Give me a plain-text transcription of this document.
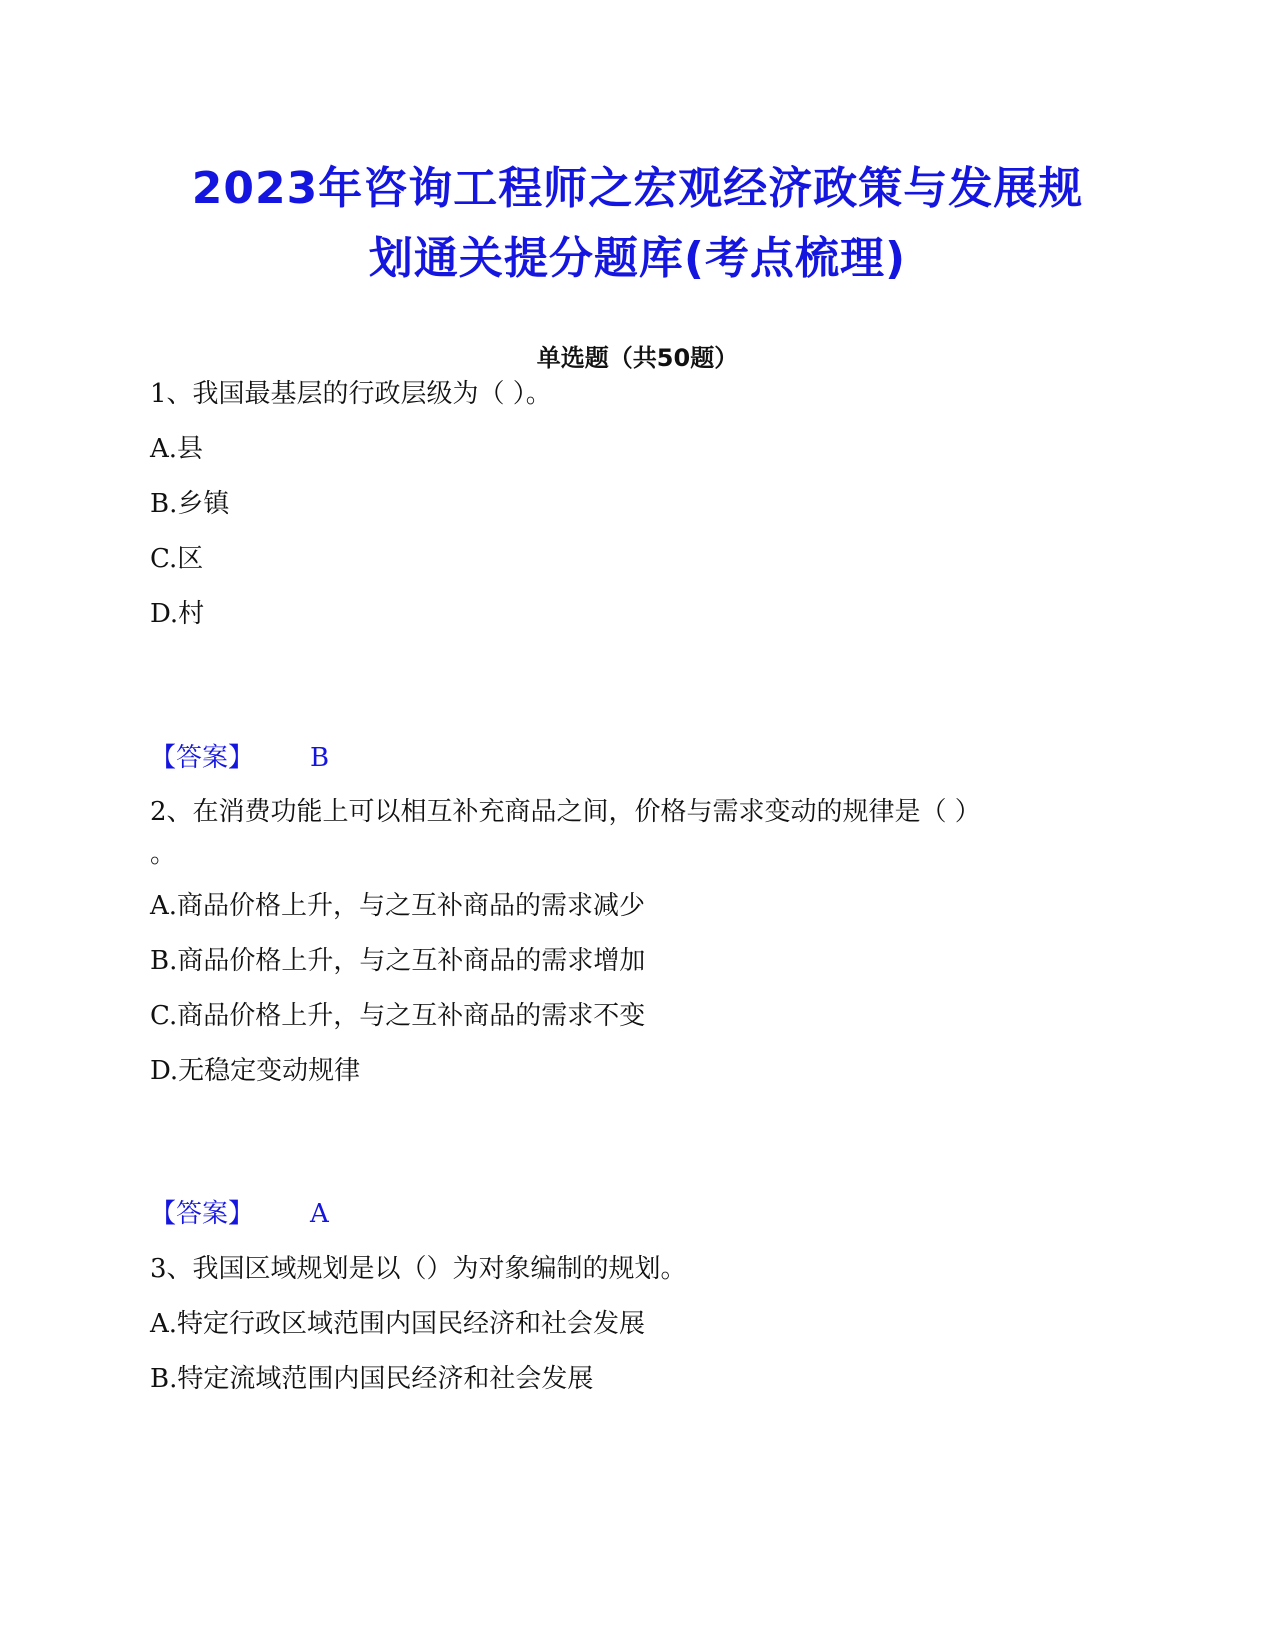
2023年咨询工程师之宏观经济政策与发展规
划通关提分题库(考点梳理)
单选题（共50题）
1、我国最基层的行政层级为（ ）。
A.县
B.乡镇
C.区
D.村
【答案】 B
2、在消费功能上可以相互补充商品之间，价格与需求变动的规律是（ ）
。
A.商品价格上升，与之互补商品的需求减少
B.商品价格上升，与之互补商品的需求增加
C.商品价格上升，与之互补商品的需求不变
D.无稳定变动规律
【答案】 A
3、我国区域规划是以（）为对象编制的规划。
A.特定行政区域范围内国民经济和社会发展
B.特定流域范围内国民经济和社会发展
